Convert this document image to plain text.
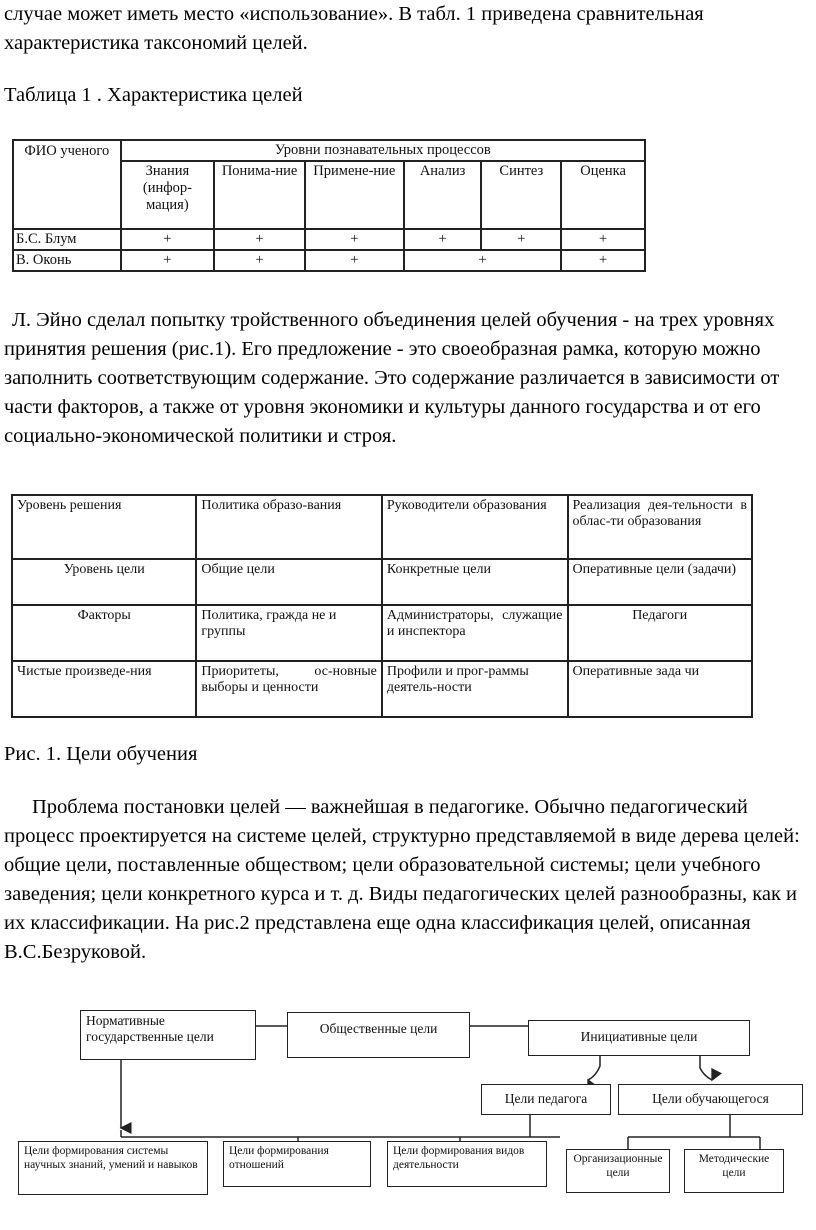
случае может иметь место «использование». В табл. 1 приведена сравнительная характеристика таксономий целей.

Таблица 1 . Характеристика целей

ФИО ученого	Уровни познавательных процессов					
	Знания (инфор-мация)	Понима-ние	Примене-ние	Анализ	Синтез	Оценка
Б.С. Блум	+	+	+	+	+	+
В. Оконь	+	+	+	+		+

Л. Эйно сделал попытку тройственного объединения целей обучения - на трех уровнях принятия решения (рис.1). Его предложение - это своеобразная рамка, которую можно заполнить соответствующим содержание. Это содержание различается в зависимости от части факторов, а также от уровня экономики и культуры данного государства и от его социально-экономической политики и строя.

Уровень решения	Политика образо-вания	Руководители образования	Реализация дея-тельности в облас-ти образования
Уровень цели	Общие цели	Конкретные цели	Оперативные цели (задачи)
Факторы	Политика, гражда не и группы	Администраторы, служащие и инспектора	Педагоги
Чистые произведе-ния	Приоритеты, ос-новные выборы и ценности	Профили и прог-раммы деятель-ности	Оперативные зада чи

Рис. 1. Цели обучения

Проблема постановки целей — важнейшая в педагогике. Обычно педагогический процесс проектируется на системе целей, структурно представляемой в виде дерева целей: общие цели, поставленные обществом; цели образовательной системы; цели учебного заведения; цели конкретного курса и т. д. Виды педагогических целей разнообразны, как и их классификации. На рис.2 представлена еще одна классификация целей, описанная В.С.Безруковой.

Нормативные государственные цели
Общественные цели
Инициативные цели
Цели педагога	Цели обучающегося
Цели формирования системы научных знаний, умений и навыков
Цели формирования отношений
Цели формирования видов деятельности	Организационные цели
Методические цели
